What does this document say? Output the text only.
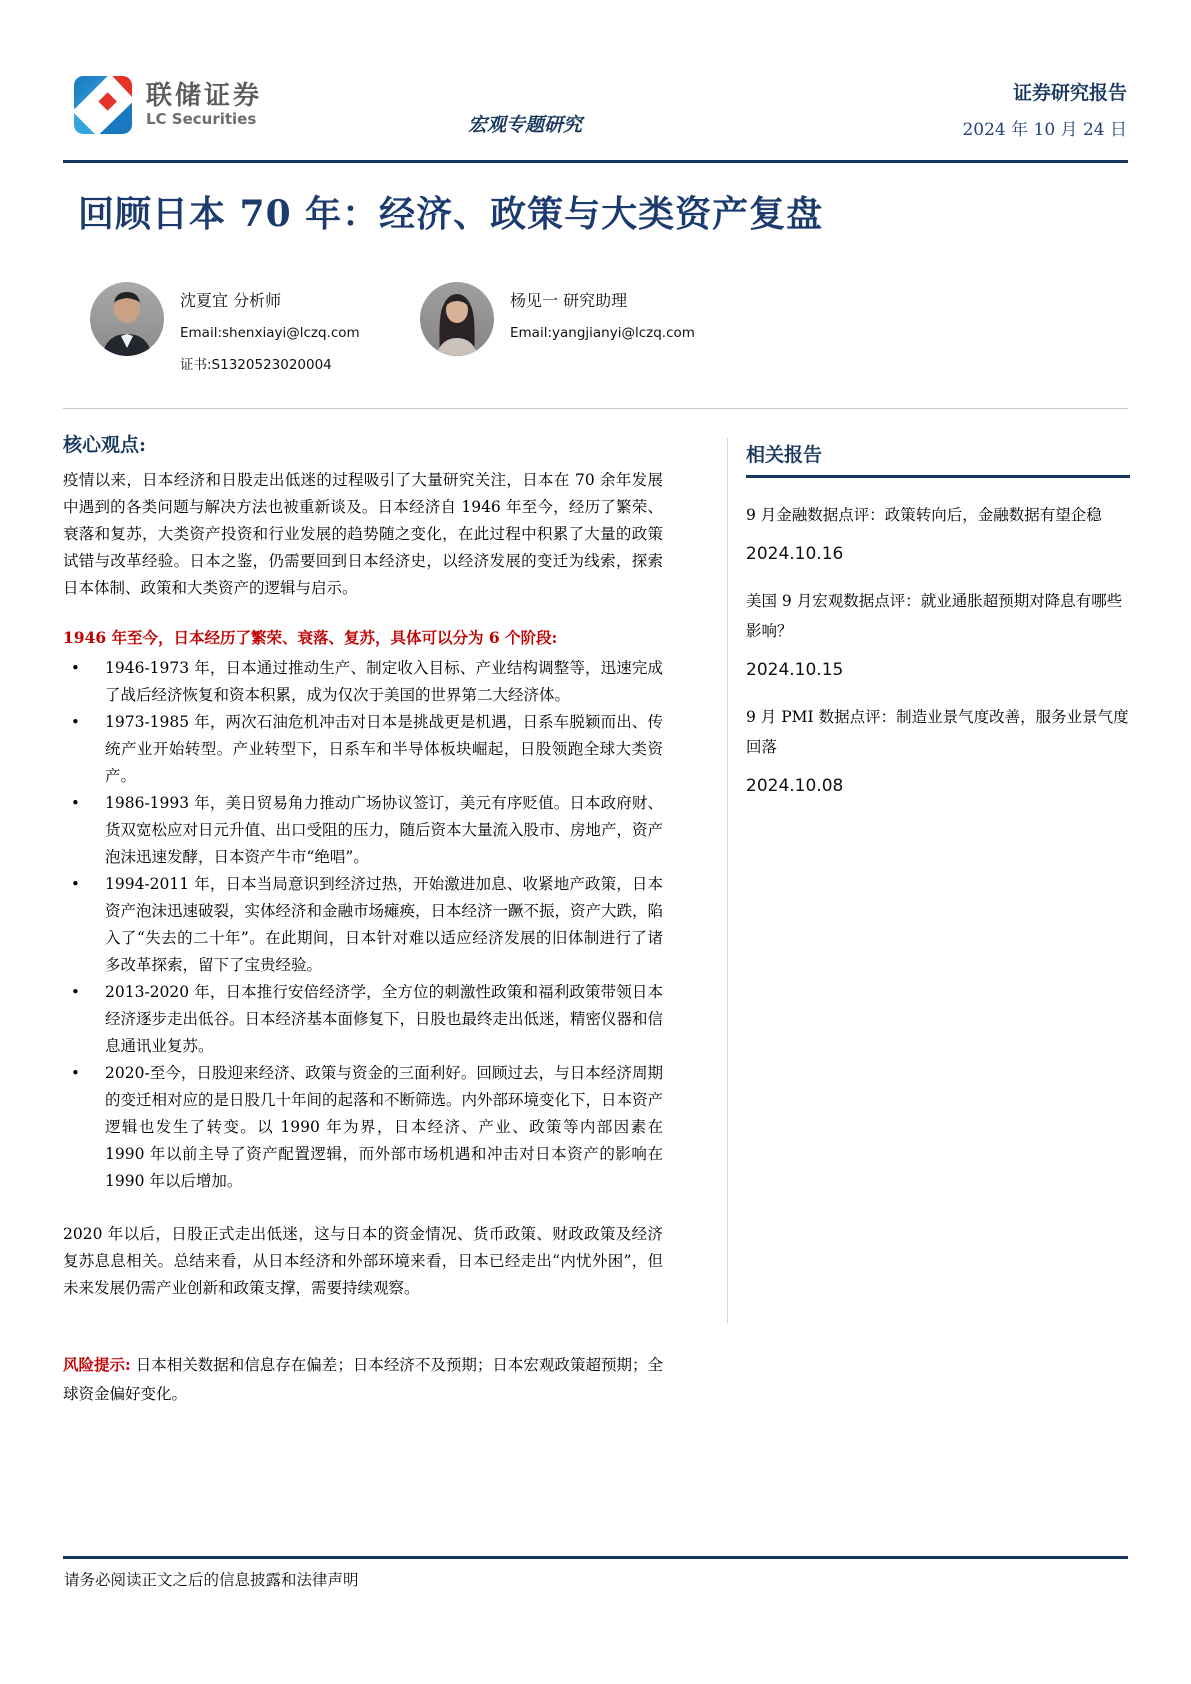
联储证券
LC Securities	宏观专题研究
证券研究报告
2024 年 10 月 24 日
回顾日本 70 年：经济、政策与大类资产复盘
沈夏宜 分析师
Email:shenxiayi@lczq.com
证书:S1320523020004
杨见一 研究助理
Email:yangjianyi@lczq.com
核心观点:

疫情以来，日本经济和日股走出低迷的过程吸引了大量研究关注，日本在 70 余年发展中遇到的各类问题与解决方法也被重新谈及。日本经济自 1946 年至今，经历了繁荣、衰落和复苏，大类资产投资和行业发展的趋势随之变化，在此过程中积累了大量的政策试错与改革经验。日本之鉴，仍需要回到日本经济史，以经济发展的变迁为线索，探索日本体制、政策和大类资产的逻辑与启示。

1946 年至今，日本经历了繁荣、衰落、复苏，具体可以分为 6 个阶段:

• 1946-1973 年，日本通过推动生产、制定收入目标、产业结构调整等，迅速完成了战后经济恢复和资本积累，成为仅次于美国的世界第二大经济体。
• 1973-1985 年，两次石油危机冲击对日本是挑战更是机遇，日系车脱颖而出、传统产业开始转型。产业转型下，日系车和半导体板块崛起，日股领跑全球大类资产。
• 1986-1993 年，美日贸易角力推动广场协议签订，美元有序贬值。日本政府财、货双宽松应对日元升值、出口受阻的压力，随后资本大量流入股市、房地产，资产泡沫迅速发酵，日本资产牛市“绝唱”。
• 1994-2011 年，日本当局意识到经济过热，开始激进加息、收紧地产政策，日本资产泡沫迅速破裂，实体经济和金融市场瘫痪，日本经济一蹶不振，资产大跌，陷入了“失去的二十年”。在此期间，日本针对难以适应经济发展的旧体制进行了诸多改革探索，留下了宝贵经验。
• 2013-2020 年，日本推行安倍经济学，全方位的刺激性政策和福利政策带领日本经济逐步走出低谷。日本经济基本面修复下，日股也最终走出低迷，精密仪器和信息通讯业复苏。
• 2020-至今，日股迎来经济、政策与资金的三面利好。回顾过去，与日本经济周期的变迁相对应的是日股几十年间的起落和不断筛选。内外部环境变化下，日本资产逻辑也发生了转变。以 1990 年为界，日本经济、产业、政策等内部因素在 1990 年以前主导了资产配置逻辑，而外部市场机遇和冲击对日本资产的影响在 1990 年以后增加。

2020 年以后，日股正式走出低迷，这与日本的资金情况、货币政策、财政政策及经济复苏息息相关。总结来看，从日本经济和外部环境来看，日本已经走出“内忧外困”，但未来发展仍需产业创新和政策支撑，需要持续观察。

风险提示: 日本相关数据和信息存在偏差；日本经济不及预期；日本宏观政策超预期；全球资金偏好变化。

相关报告
9 月金融数据点评：政策转向后，金融数据有望企稳
2024.10.16
美国 9 月宏观数据点评：就业通胀超预期对降息有哪些影响？
2024.10.15
9 月 PMI 数据点评：制造业景气度改善，服务业景气度回落
2024.10.08
请务必阅读正文之后的信息披露和法律声明
